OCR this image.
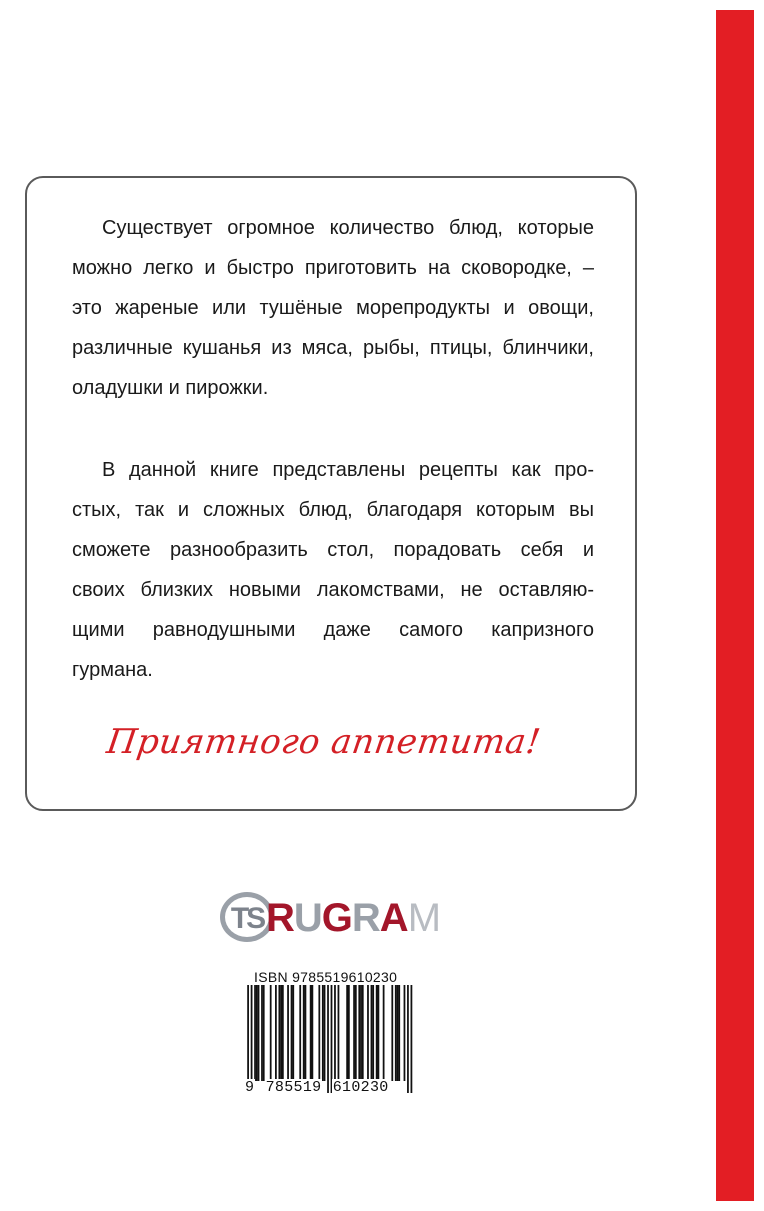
Существует огромное количество блюд, которые
можно легко и быстро приготовить на сковородке, –
это жареные или тушёные морепродукты и овощи,
различные кушанья из мяса, рыбы, птицы, блинчики,
оладушки и пирожки.
В данной книге представлены рецепты как про-
стых, так и сложных блюд, благодаря которым вы
сможете разнообразить стол, порадовать себя и
своих близких новыми лакомствами, не оставляю-
щими равнодушными даже самого капризного
гурмана.
Приятного аппетита!
TS RUGRAM
ISBN 9785519610230
9 785519 610230
